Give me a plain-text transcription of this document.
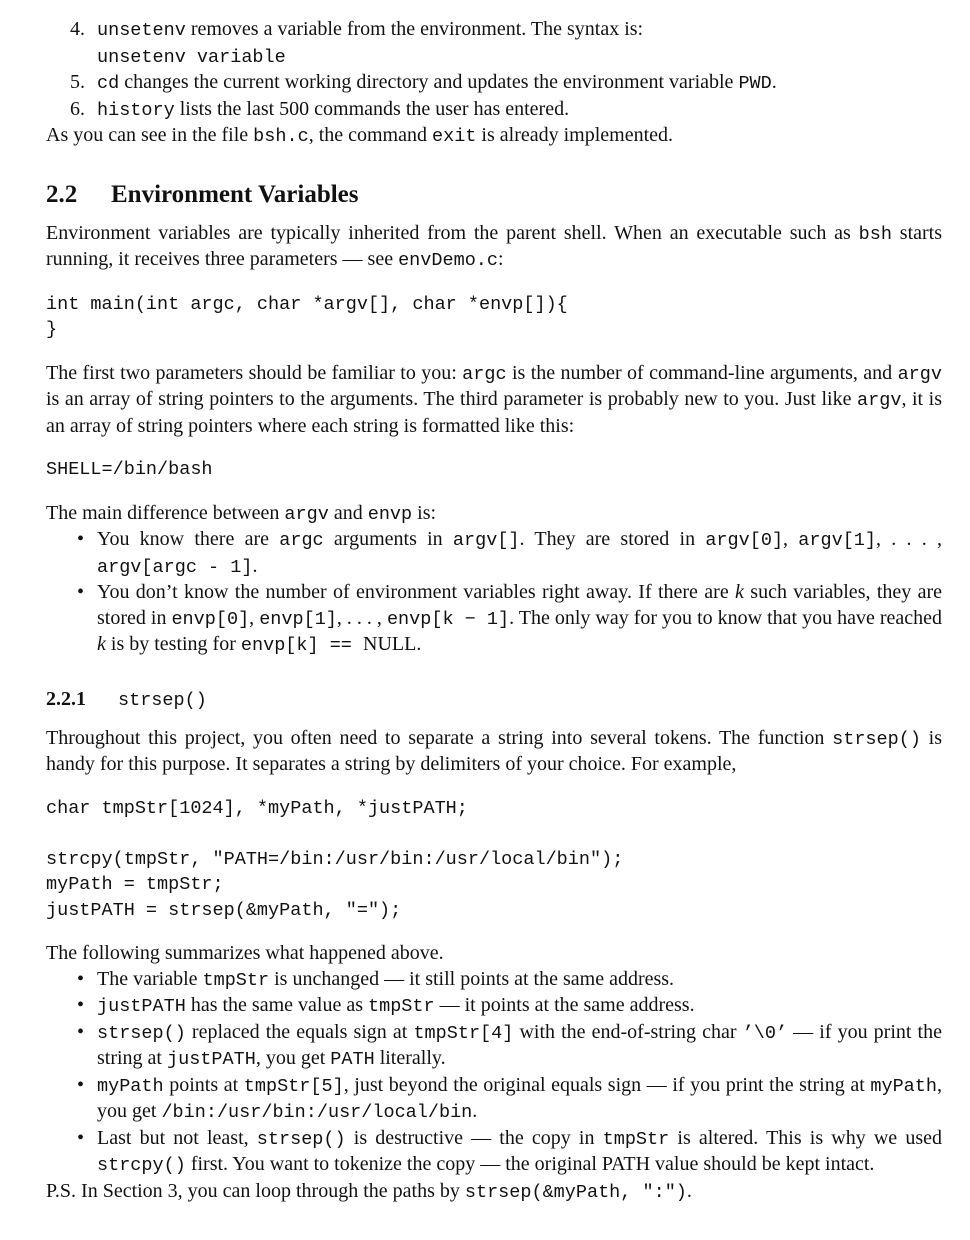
4. unsetenv removes a variable from the environment. The syntax is:
unsetenv variable
5. cd changes the current working directory and updates the environment variable PWD.
6. history lists the last 500 commands the user has entered.

As you can see in the file bsh.c, the command exit is already implemented.

2.2 Environment Variables

Environment variables are typically inherited from the parent shell. When an executable such as bsh starts running, it receives three parameters — see envDemo.c:

int main(int argc, char *argv[], char *envp[]){
}

The first two parameters should be familiar to you: argc is the number of command-line arguments, and argv is an array of string pointers to the arguments. The third parameter is probably new to you. Just like argv, it is an array of string pointers where each string is formatted like this:

SHELL=/bin/bash

The main difference between argv and envp is:

• You know there are argc arguments in argv[]. They are stored in argv[0], argv[1], . . . , argv[argc - 1].
• You don’t know the number of environment variables right away. If there are k such variables, they are stored in envp[0], envp[1], . . . , envp[k − 1]. The only way for you to know that you have reached k is by testing for envp[k] == NULL.
2.2.1 strsep()

Throughout this project, you often need to separate a string into several tokens. The function strsep() is handy for this purpose. It separates a string by delimiters of your choice. For example,

char tmpStr[1024], *myPath, *justPATH;

strcpy(tmpStr, "PATH=/bin:/usr/bin:/usr/local/bin");
myPath = tmpStr;
justPATH = strsep(&myPath, "=");

The following summarizes what happened above.

• The variable tmpStr is unchanged — it still points at the same address.
• justPATH has the same value as tmpStr — it points at the same address.
• strsep() replaced the equals sign at tmpStr[4] with the end-of-string char ’\0’ — if you print the string at justPATH, you get PATH literally.
• myPath points at tmpStr[5], just beyond the original equals sign — if you print the string at myPath, you get /bin:/usr/bin:/usr/local/bin.
• Last but not least, strsep() is destructive — the copy in tmpStr is altered. This is why we used strcpy() first. You want to tokenize the copy — the original PATH value should be kept intact.

P.S. In Section 3, you can loop through the paths by strsep(&myPath, ":").
